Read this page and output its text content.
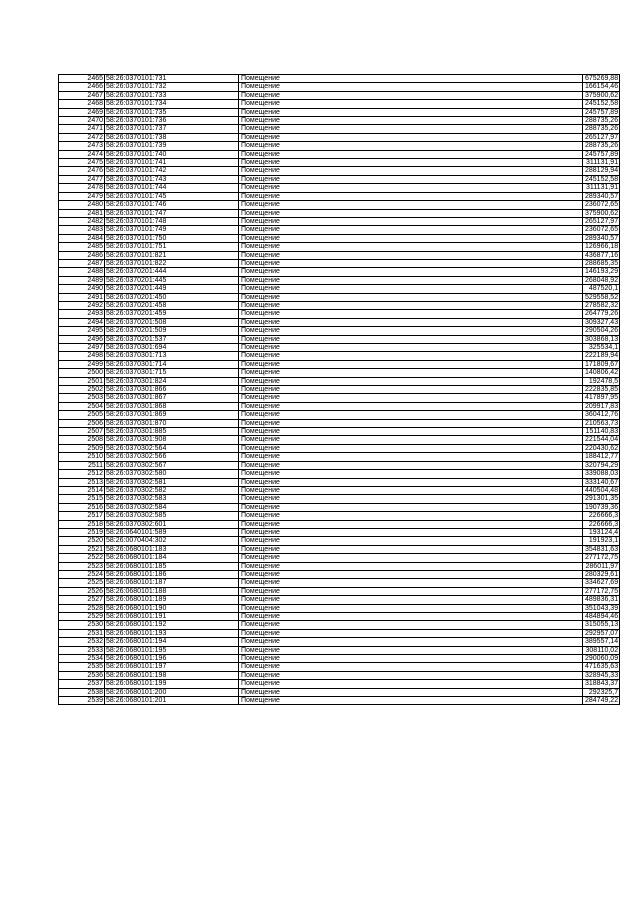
2465	58:26:0370101:731	Помещение	675269,88
2466	58:26:0370101:732	Помещение	166154,46
2467	58:26:0370101:733	Помещение	375900,62
2468	58:26:0370101:734	Помещение	245152,58
2469	58:26:0370101:735	Помещение	245757,89
2470	58:26:0370101:736	Помещение	288735,26
2471	58:26:0370101:737	Помещение	288735,26
2472	58:26:0370101:738	Помещение	265127,97
2473	58:26:0370101:739	Помещение	288735,26
2474	58:26:0370101:740	Помещение	245757,89
2475	58:26:0370101:741	Помещение	311131,91
2476	58:26:0370101:742	Помещение	288129,94
2477	58:26:0370101:743	Помещение	245152,58
2478	58:26:0370101:744	Помещение	311131,91
2479	58:26:0370101:745	Помещение	289340,57
2480	58:26:0370101:746	Помещение	236072,65
2481	58:26:0370101:747	Помещение	375900,62
2482	58:26:0370101:748	Помещение	265127,97
2483	58:26:0370101:749	Помещение	236072,65
2484	58:26:0370101:750	Помещение	289340,57
2485	58:26:0370101:751	Помещение	126966,18
2486	58:26:0370101:821	Помещение	436877,16
2487	58:26:0370101:822	Помещение	288685,35
2488	58:26:0370201:444	Помещение	146193,29
2489	58:26:0370201:445	Помещение	268048,92
2490	58:26:0370201:449	Помещение	487520,1
2491	58:26:0370201:450	Помещение	529558,52
2492	58:26:0370201:458	Помещение	278582,32
2493	58:26:0370201:459	Помещение	264779,26
2494	58:26:0370201:508	Помещение	309327,43
2495	58:26:0370201:509	Помещение	290504,26
2496	58:26:0370201:537	Помещение	303868,13
2497	58:26:0370301:694	Помещение	325534,1
2498	58:26:0370301:713	Помещение	222189,94
2499	58:26:0370301:714	Помещение	171809,67
2500	58:26:0370301:715	Помещение	140806,42
2501	58:26:0370301:824	Помещение	192478,5
2502	58:26:0370301:866	Помещение	222835,85
2503	58:26:0370301:867	Помещение	417897,95
2504	58:26:0370301:868	Помещение	209917,83
2505	58:26:0370301:869	Помещение	360412,76
2506	58:26:0370301:870	Помещение	210563,73
2507	58:26:0370301:885	Помещение	151140,83
2508	58:26:0370301:908	Помещение	221544,04
2509	58:26:0370302:564	Помещение	220430,62
2510	58:26:0370302:566	Помещение	188412,77
2511	58:26:0370302:567	Помещение	320794,29
2512	58:26:0370302:580	Помещение	339088,03
2513	58:26:0370302:581	Помещение	333140,67
2514	58:26:0370302:582	Помещение	440504,48
2515	58:26:0370302:583	Помещение	291301,35
2516	58:26:0370302:584	Помещение	190739,36
2517	58:26:0370302:585	Помещение	226666,3
2518	58:26:0370302:601	Помещение	226666,3
2519	58:26:0640101:589	Помещение	193124,4
2520	58:26:0070404:302	Помещение	191923,1
2521	58:26:0680101:183	Помещение	354831,63
2522	58:26:0680101:184	Помещение	277172,75
2523	58:26:0680101:185	Помещение	286011,97
2524	58:26:0680101:186	Помещение	280329,61
2525	58:26:0680101:187	Помещение	334627,69
2526	58:26:0680101:188	Помещение	277172,75
2527	58:26:0680101:189	Помещение	489836,31
2528	58:26:0680101:190	Помещение	351043,39
2529	58:26:0680101:191	Помещение	484894,46
2530	58:26:0680101:192	Помещение	315055,13
2531	58:26:0680101:193	Помещение	292957,07
2532	58:26:0680101:194	Помещение	389557,14
2533	58:26:0680101:195	Помещение	308110,02
2534	58:26:0680101:196	Помещение	290060,09
2535	58:26:0680101:197	Помещение	471635,63
2536	58:26:0680101:198	Помещение	328945,33
2537	58:26:0680101:199	Помещение	318843,37
2538	58:26:0680101:200	Помещение	292325,7
2539	58:26:0680101:201	Помещение	284749,22
